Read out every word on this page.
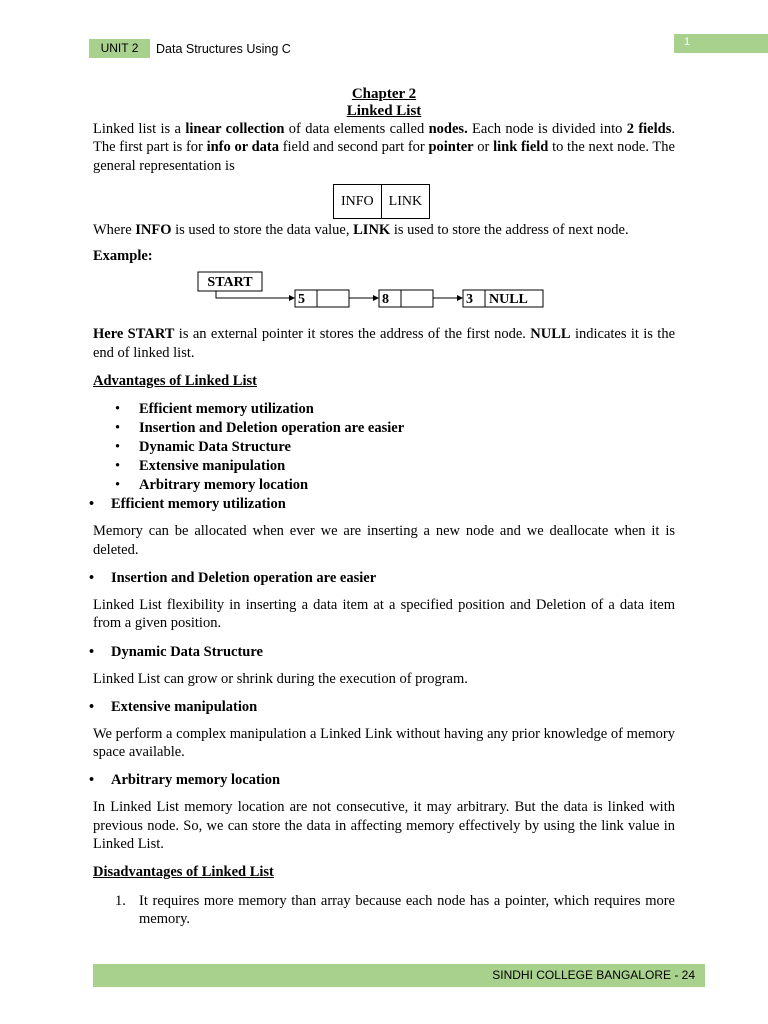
UNIT 2	Data Structures Using C	1
Chapter 2
Linked List

Linked list is a linear collection of data elements called nodes. Each node is divided into 2 fields. The first part is for info or data field and second part for pointer or link field to the next node. The general representation is

INFO	LINK

Where INFO is used to store the data value, LINK is used to store the address of next node.

Example:

START
5	8	3 NULL

Here START is an external pointer it stores the address of the first node. NULL indicates it is the end of linked list.

Advantages of Linked List

• Efficient memory utilization
• Insertion and Deletion operation are easier
• Dynamic Data Structure
• Extensive manipulation
• Arbitrary memory location
• Efficient memory utilization

Memory can be allocated when ever we are inserting a new node and we deallocate when it is deleted.

• Insertion and Deletion operation are easier

Linked List flexibility in inserting a data item at a specified position and Deletion of a data item from a given position.

• Dynamic Data Structure

Linked List can grow or shrink during the execution of program.

• Extensive manipulation

We perform a complex manipulation a Linked Link without having any prior knowledge of memory space available.

• Arbitrary memory location

In Linked List memory location are not consecutive, it may arbitrary. But the data is linked with previous node. So, we can store the data in affecting memory effectively by using the link value in Linked List.

Disadvantages of Linked List

1. It requires more memory than array because each node has a pointer, which requires more memory.
SINDHI COLLEGE BANGALORE - 24
